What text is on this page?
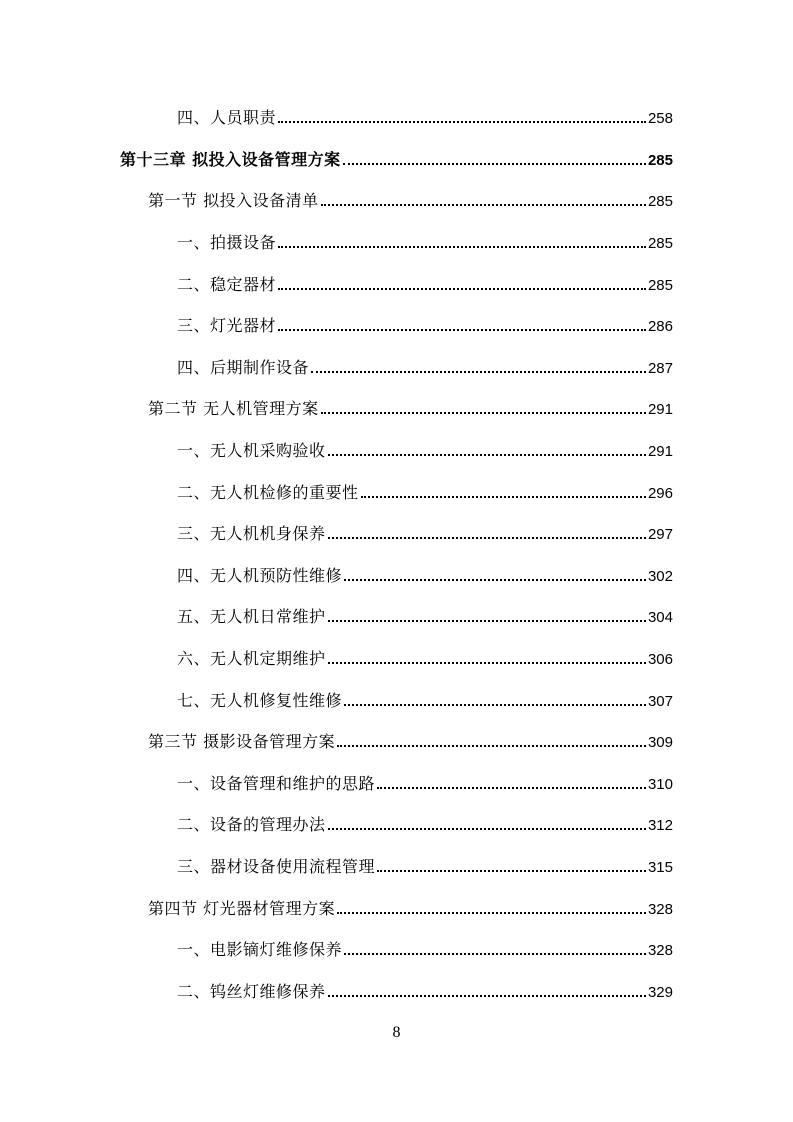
四、人员职责	258
第十三章 拟投入设备管理方案	285
第一节 拟投入设备清单	285
一、拍摄设备	285
二、稳定器材	285
三、灯光器材	286
四、后期制作设备	287
第二节 无人机管理方案	291
一、无人机采购验收	291
二、无人机检修的重要性	296
三、无人机机身保养	297
四、无人机预防性维修	302
五、无人机日常维护	304
六、无人机定期维护	306
七、无人机修复性维修	307
第三节 摄影设备管理方案	309
一、设备管理和维护的思路	310
二、设备的管理办法	312
三、器材设备使用流程管理	315
第四节 灯光器材管理方案	328
一、电影镝灯维修保养	328
二、钨丝灯维修保养	329
8
